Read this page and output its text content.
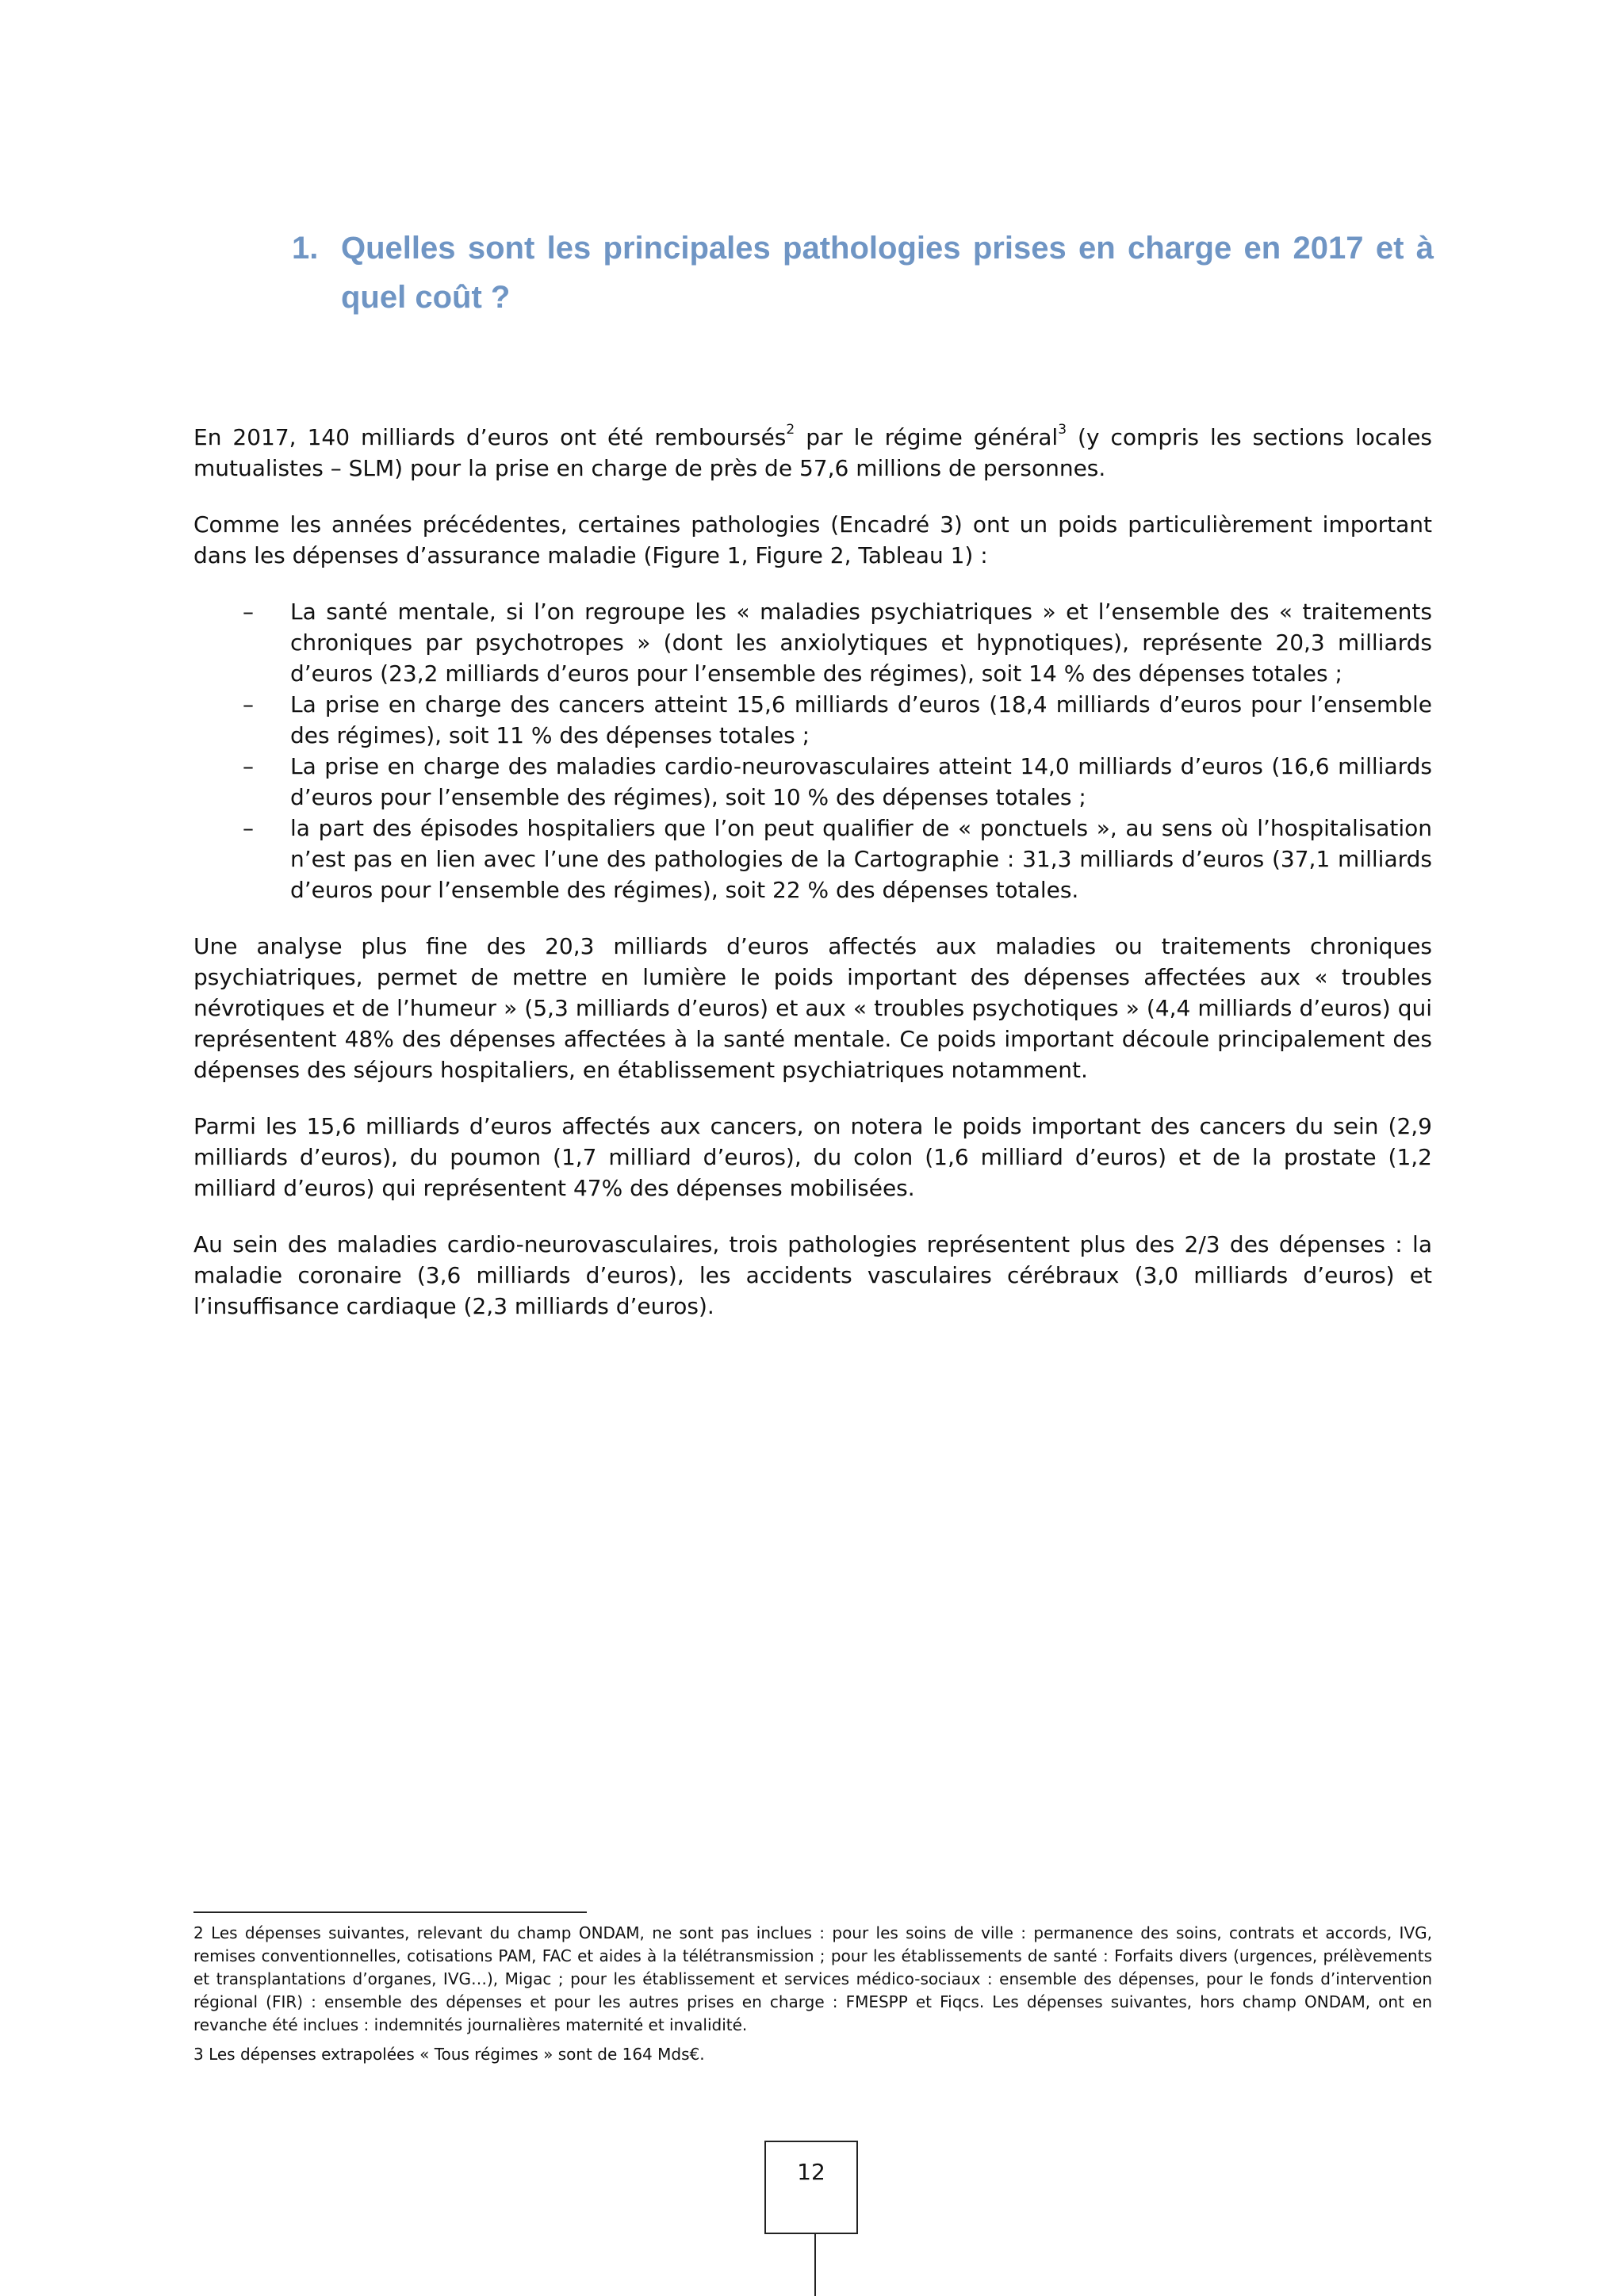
1. Quelles sont les principales pathologies prises en charge en 2017 et à quel coût ?

En 2017, 140 milliards d’euros ont été remboursés$^2$ par le régime général$^3$ (y compris les sections locales mutualistes – SLM) pour la prise en charge de près de 57,6 millions de personnes.

Comme les années précédentes, certaines pathologies (Encadré 3) ont un poids particulièrement important dans les dépenses d’assurance maladie (Figure 1, Figure 2, Tableau 1) :

– La santé mentale, si l’on regroupe les « maladies psychiatriques » et l’ensemble des « traitements chroniques par psychotropes » (dont les anxiolytiques et hypnotiques), représente 20,3 milliards d’euros (23,2 milliards d’euros pour l’ensemble des régimes), soit 14 % des dépenses totales ;
– La prise en charge des cancers atteint 15,6 milliards d’euros (18,4 milliards d’euros pour l’ensemble des régimes), soit 11 % des dépenses totales ;
– La prise en charge des maladies cardio-neurovasculaires atteint 14,0 milliards d’euros (16,6 milliards d’euros pour l’ensemble des régimes), soit 10 % des dépenses totales ;
– la part des épisodes hospitaliers que l’on peut qualifier de « ponctuels », au sens où l’hospitalisation n’est pas en lien avec l’une des pathologies de la Cartographie : 31,3 milliards d’euros (37,1 milliards d’euros pour l’ensemble des régimes), soit 22 % des dépenses totales.

Une analyse plus fine des 20,3 milliards d’euros affectés aux maladies ou traitements chroniques psychiatriques, permet de mettre en lumière le poids important des dépenses affectées aux « troubles névrotiques et de l’humeur » (5,3 milliards d’euros) et aux « troubles psychotiques » (4,4 milliards d’euros) qui représentent 48% des dépenses affectées à la santé mentale. Ce poids important découle principalement des dépenses des séjours hospitaliers, en établissement psychiatriques notamment.

Parmi les 15,6 milliards d’euros affectés aux cancers, on notera le poids important des cancers du sein (2,9 milliards d’euros), du poumon (1,7 milliard d’euros), du colon (1,6 milliard d’euros) et de la prostate (1,2 milliard d’euros) qui représentent 47% des dépenses mobilisées.

Au sein des maladies cardio-neurovasculaires, trois pathologies représentent plus des 2/3 des dépenses : la maladie coronaire (3,6 milliards d’euros), les accidents vasculaires cérébraux (3,0 milliards d’euros) et l’insuffisance cardiaque (2,3 milliards d’euros).

2 Les dépenses suivantes, relevant du champ ONDAM, ne sont pas inclues : pour les soins de ville : permanence des soins, contrats et accords, IVG, remises conventionnelles, cotisations PAM, FAC et aides à la télétransmission ; pour les établissements de santé : Forfaits divers (urgences, prélèvements et transplantations d’organes, IVG…), Migac ; pour les établissement et services médico-sociaux : ensemble des dépenses, pour le fonds d’intervention régional (FIR) : ensemble des dépenses et pour les autres prises en charge : FMESPP et Fiqcs. Les dépenses suivantes, hors champ ONDAM, ont en revanche été inclues : indemnités journalières maternité et invalidité.

3 Les dépenses extrapolées « Tous régimes » sont de 164 Mds€.

12
